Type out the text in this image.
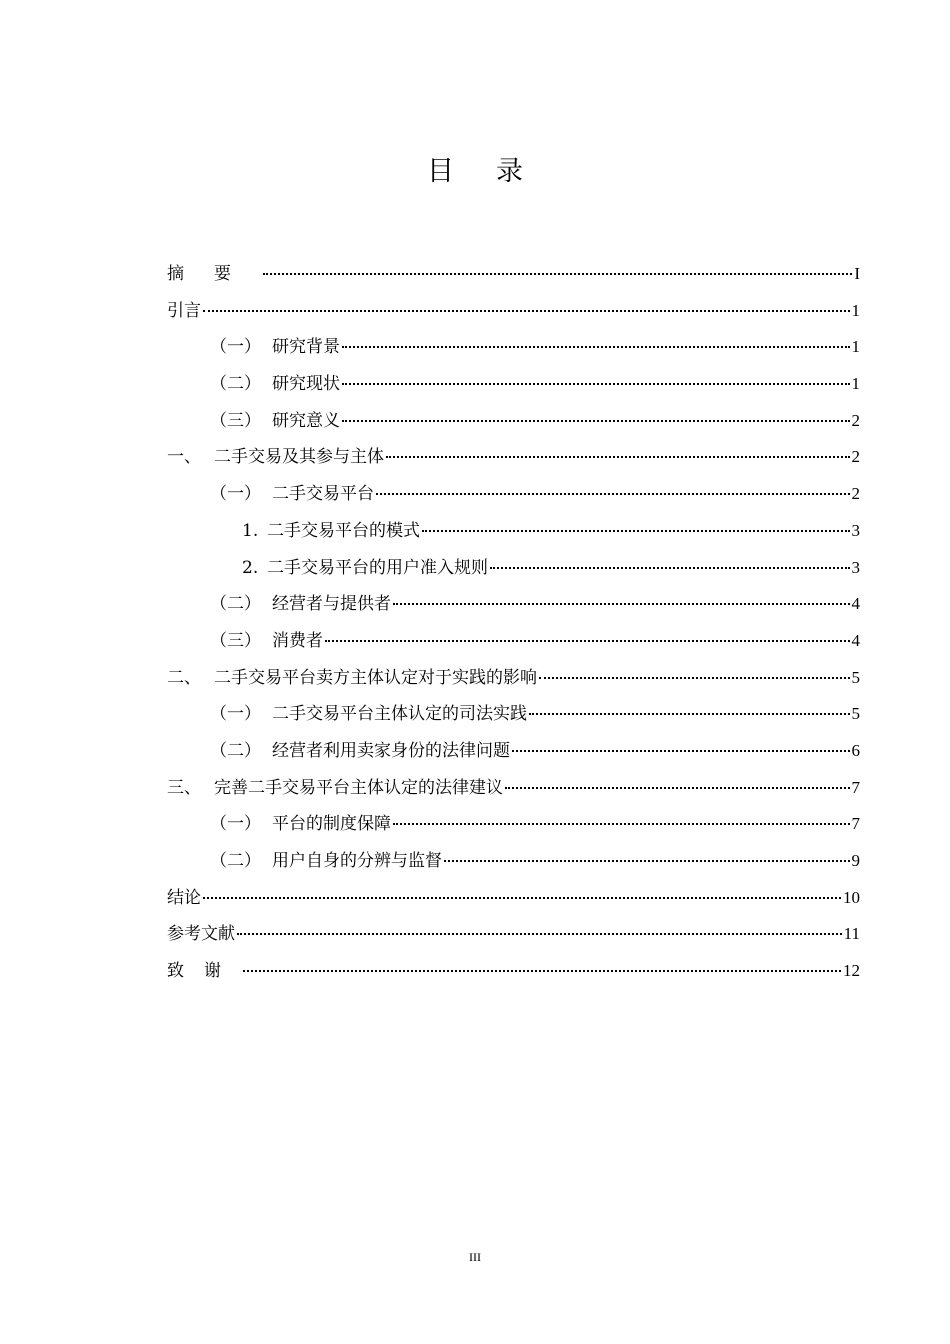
目录
摘要	I
引言	1
（一） 研究背景	1
（二） 研究现状	1
（三） 研究意义	2
一、 二手交易及其参与主体	2
（一） 二手交易平台	2
1. 二手交易平台的模式	3
2. 二手交易平台的用户准入规则	3
（二） 经营者与提供者	4
（三） 消费者	4
二、 二手交易平台卖方主体认定对于实践的影响	5
（一） 二手交易平台主体认定的司法实践	5
（二） 经营者利用卖家身份的法律问题	6
三、 完善二手交易平台主体认定的法律建议	7
（一） 平台的制度保障	7
（二） 用户自身的分辨与监督	9
结论	10
参考文献	11
致谢	12
III
